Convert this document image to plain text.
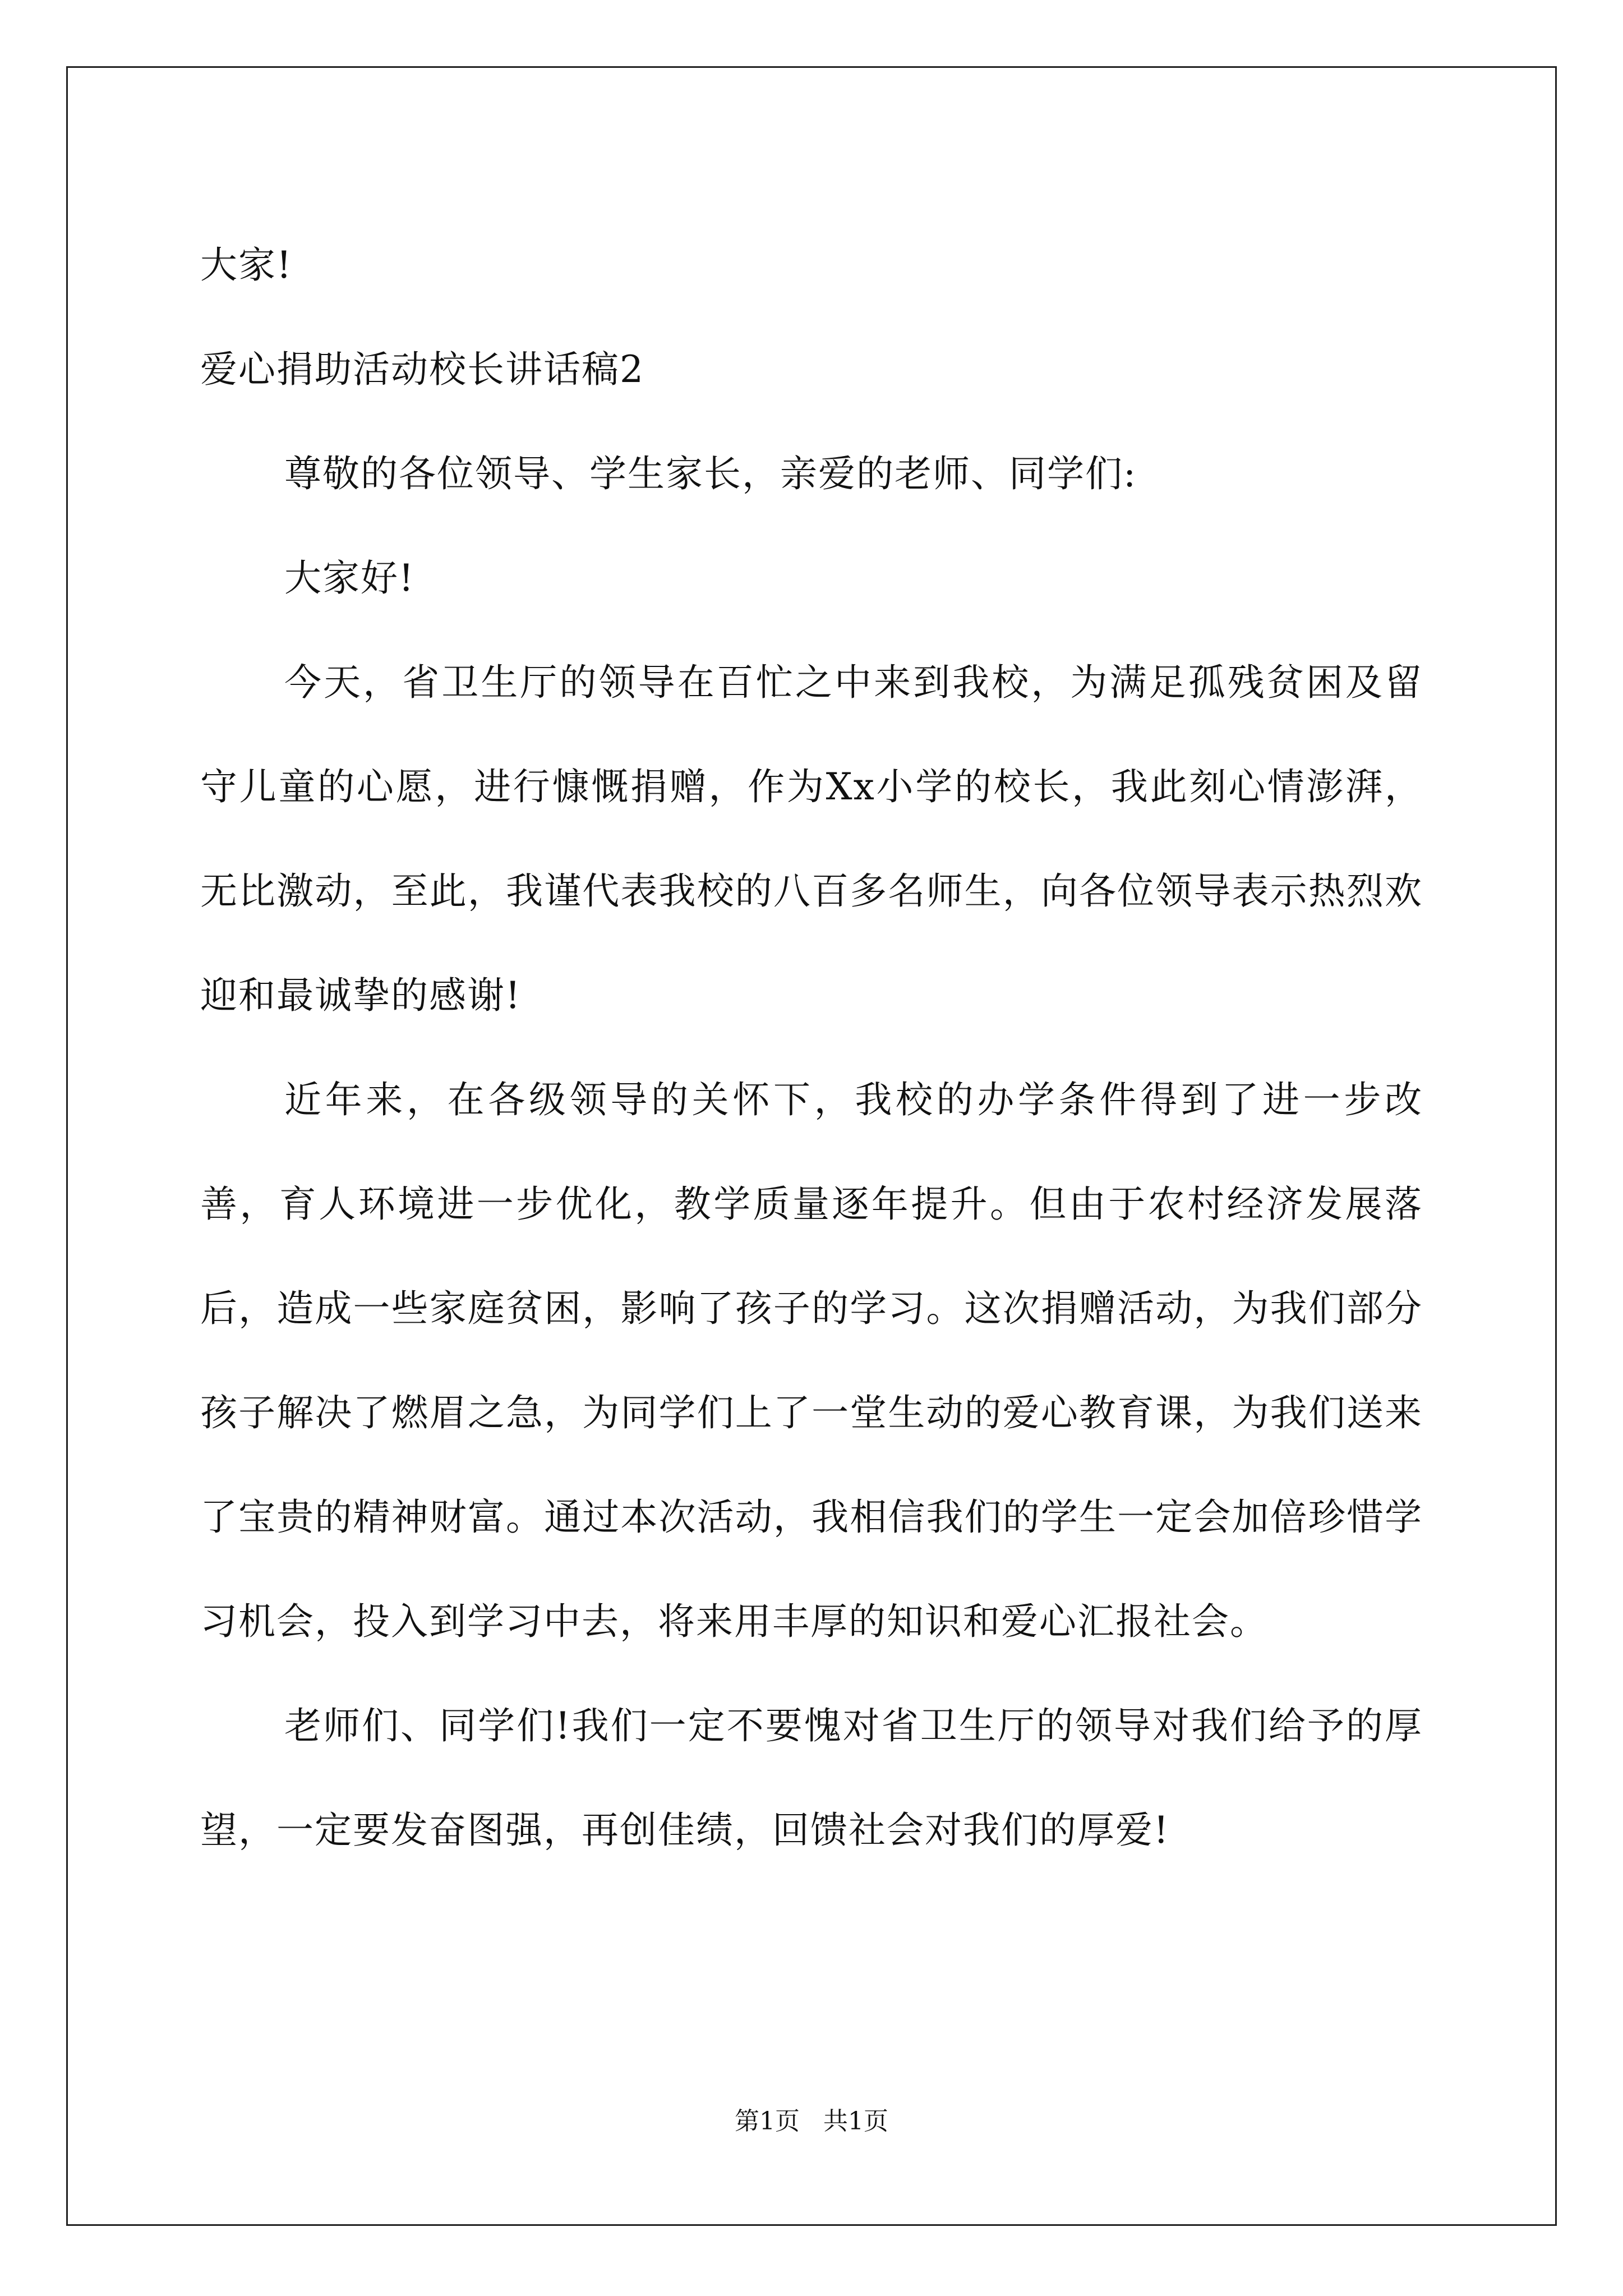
大家!
爱心捐助活动校长讲话稿2
尊敬的各位领导、学生家长，亲爱的老师、同学们:
大家好!
今天，省卫生厅的领导在百忙之中来到我校，为满足孤残贫困及留守儿童的心愿，进行慷慨捐赠，作为Xx小学的校长，我此刻心情澎湃，无比激动，至此，我谨代表我校的八百多名师生，向各位领导表示热烈欢迎和最诚挚的感谢!
近年来，在各级领导的关怀下，我校的办学条件得到了进一步改善，育人环境进一步优化，教学质量逐年提升。但由于农村经济发展落后，造成一些家庭贫困，影响了孩子的学习。这次捐赠活动，为我们部分孩子解决了燃眉之急，为同学们上了一堂生动的爱心教育课，为我们送来了宝贵的精神财富。通过本次活动，我相信我们的学生一定会加倍珍惜学习机会，投入到学习中去，将来用丰厚的知识和爱心汇报社会。
老师们、同学们!我们一定不要愧对省卫生厅的领导对我们给予的厚望，一定要发奋图强，再创佳绩，回馈社会对我们的厚爱!
第1页   共1页
